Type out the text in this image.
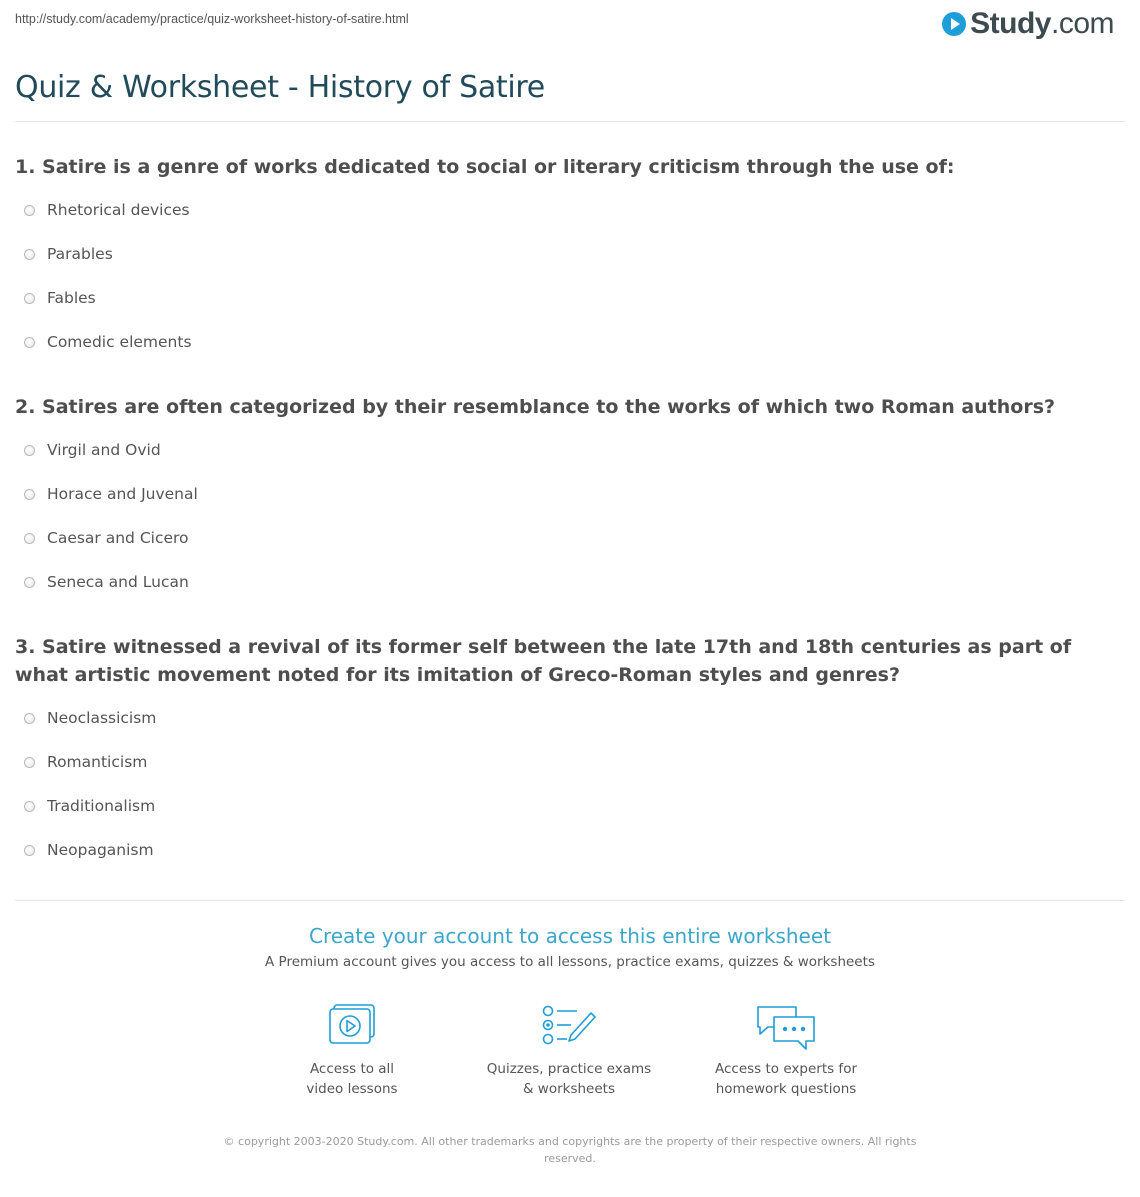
http://study.com/academy/practice/quiz-worksheet-history-of-satire.html	Study.com
Quiz & Worksheet - History of Satire
1. Satire is a genre of works dedicated to social or literary criticism through the use of:
Rhetorical devices
Parables
Fables
Comedic elements
2. Satires are often categorized by their resemblance to the works of which two Roman authors?
Virgil and Ovid
Horace and Juvenal
Caesar and Cicero
Seneca and Lucan
3. Satire witnessed a revival of its former self between the late 17th and 18th centuries as part of what artistic movement noted for its imitation of Greco-Roman styles and genres?
Neoclassicism
Romanticism
Traditionalism
Neopaganism
Create your account to access this entire worksheet
A Premium account gives you access to all lessons, practice exams, quizzes & worksheets
Access to all
video lessons
Quizzes, practice exams
& worksheets
Access to experts for
homework questions
© copyright 2003-2020 Study.com. All other trademarks and copyrights are the property of their respective owners. All rights reserved.
